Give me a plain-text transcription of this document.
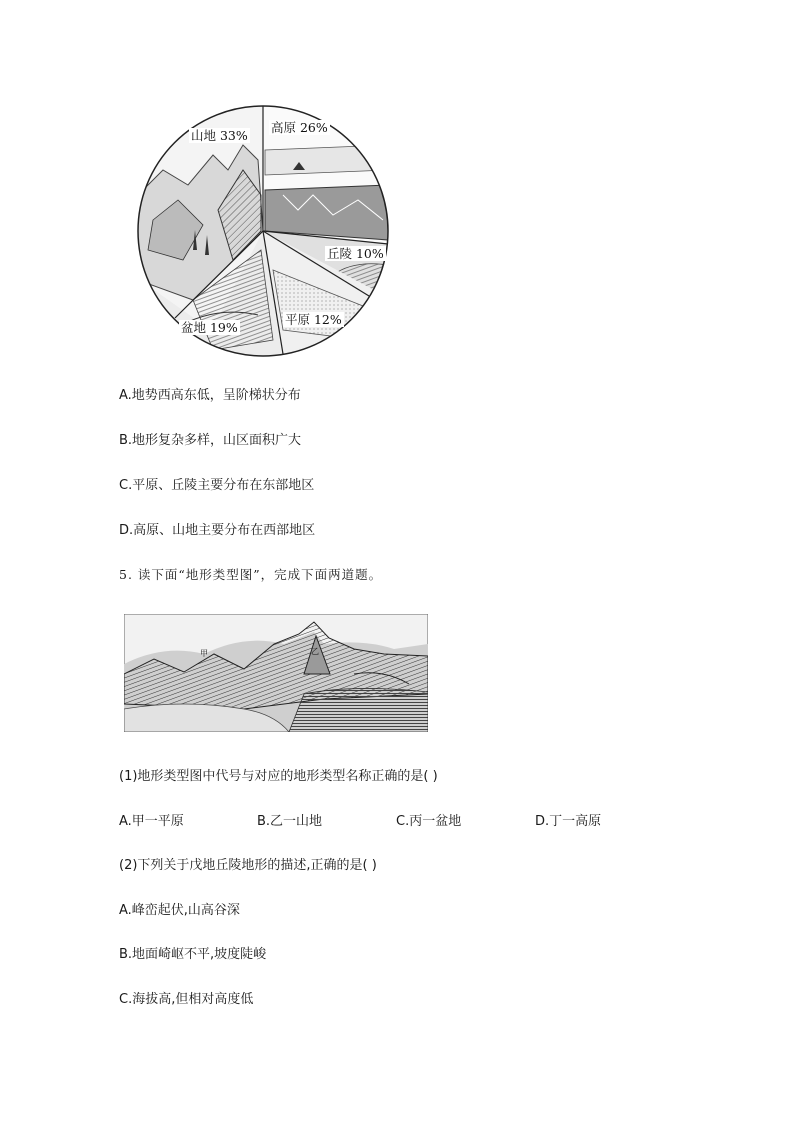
山地 33%
高原 26%
丘陵 10%
平原 12%
盆地 19%
A.地势西高东低，呈阶梯状分布
B.地形复杂多样，山区面积广大
C.平原、丘陵主要分布在东部地区
D.高原、山地主要分布在西部地区
5. 读下面“地形类型图”，完成下面两道题。
甲	乙
(1)地形类型图中代号与对应的地形类型名称正确的是( )
A.甲一平原	B.乙一山地	C.丙一盆地	D.丁一高原
(2)下列关于戊地丘陵地形的描述,正确的是( )
A.峰峦起伏,山高谷深
B.地面崎岖不平,坡度陡峻
C.海拔高,但相对高度低
